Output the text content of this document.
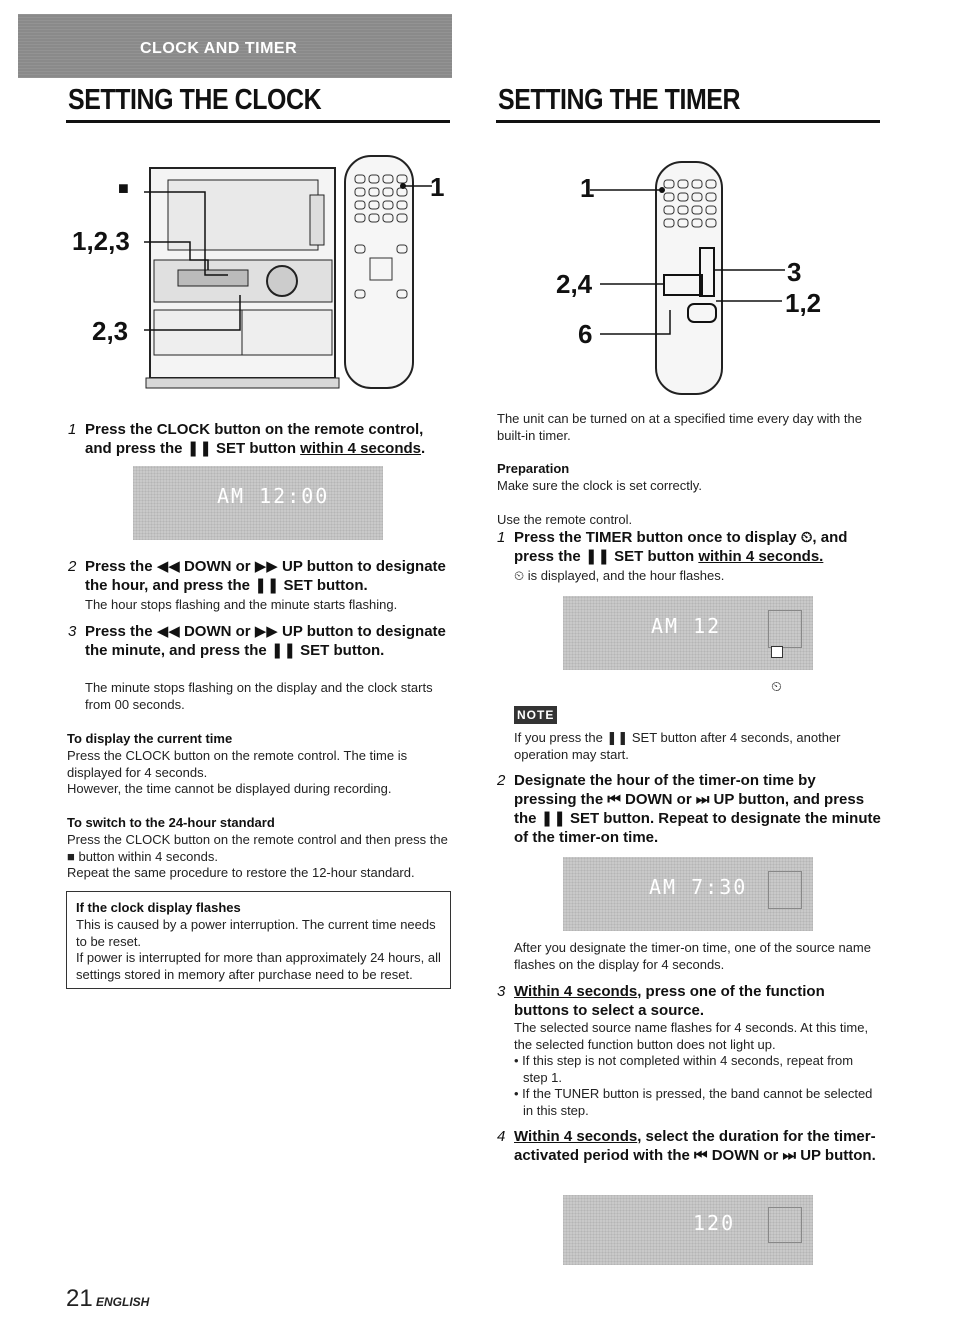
CLOCK AND TIMER
SETTING THE CLOCK
■
1,2,3
2,3
1
1 Press the CLOCK button on the remote control, and press the ❚❚ SET button within 4 seconds.
AM 12:00
2 Press the ◀◀ DOWN or ▶▶ UP button to designate the hour, and press the ❚❚ SET button.
The hour stops flashing and the minute starts flashing.
3 Press the ◀◀ DOWN or ▶▶ UP button to designate the minute, and press the ❚❚ SET button.
The minute stops flashing on the display and the clock starts from 00 seconds.
To display the current time
Press the CLOCK button on the remote control. The time is displayed for 4 seconds.
However, the time cannot be displayed during recording.
To switch to the 24-hour standard
Press the CLOCK button on the remote control and then press the ■ button within 4 seconds.
Repeat the same procedure to restore the 12-hour standard.
If the clock display flashes
This is caused by a power interruption. The current time needs to be reset.
If power is interrupted for more than approximately 24 hours, all settings stored in memory after purchase need to be reset.
21 ENGLISH
SETTING THE TIMER
1
2,4
6
3
1,2
The unit can be turned on at a specified time every day with the built-in timer.
Preparation
Make sure the clock is set correctly.
Use the remote control.
1 Press the TIMER button once to display ⏲, and press the ❚❚ SET button within 4 seconds.
⏲ is displayed, and the hour flashes.
AM 12
⏲
NOTE
If you press the ❚❚ SET button after 4 seconds, another operation may start.
2 Designate the hour of the timer-on time by pressing the ⏮ DOWN or ⏭ UP button, and press the ❚❚ SET button. Repeat to designate the minute of the timer-on time.
AM 7:30
After you designate the timer-on time, one of the source name flashes on the display for 4 seconds.
3 Within 4 seconds, press one of the function buttons to select a source.
The selected source name flashes for 4 seconds. At this time, the selected function button does not light up.
• If this step is not completed within 4 seconds, repeat from step 1.
• If the TUNER button is pressed, the band cannot be selected in this step.
4 Within 4 seconds, select the duration for the timer-activated period with the ⏮ DOWN or ⏭ UP button.
120
